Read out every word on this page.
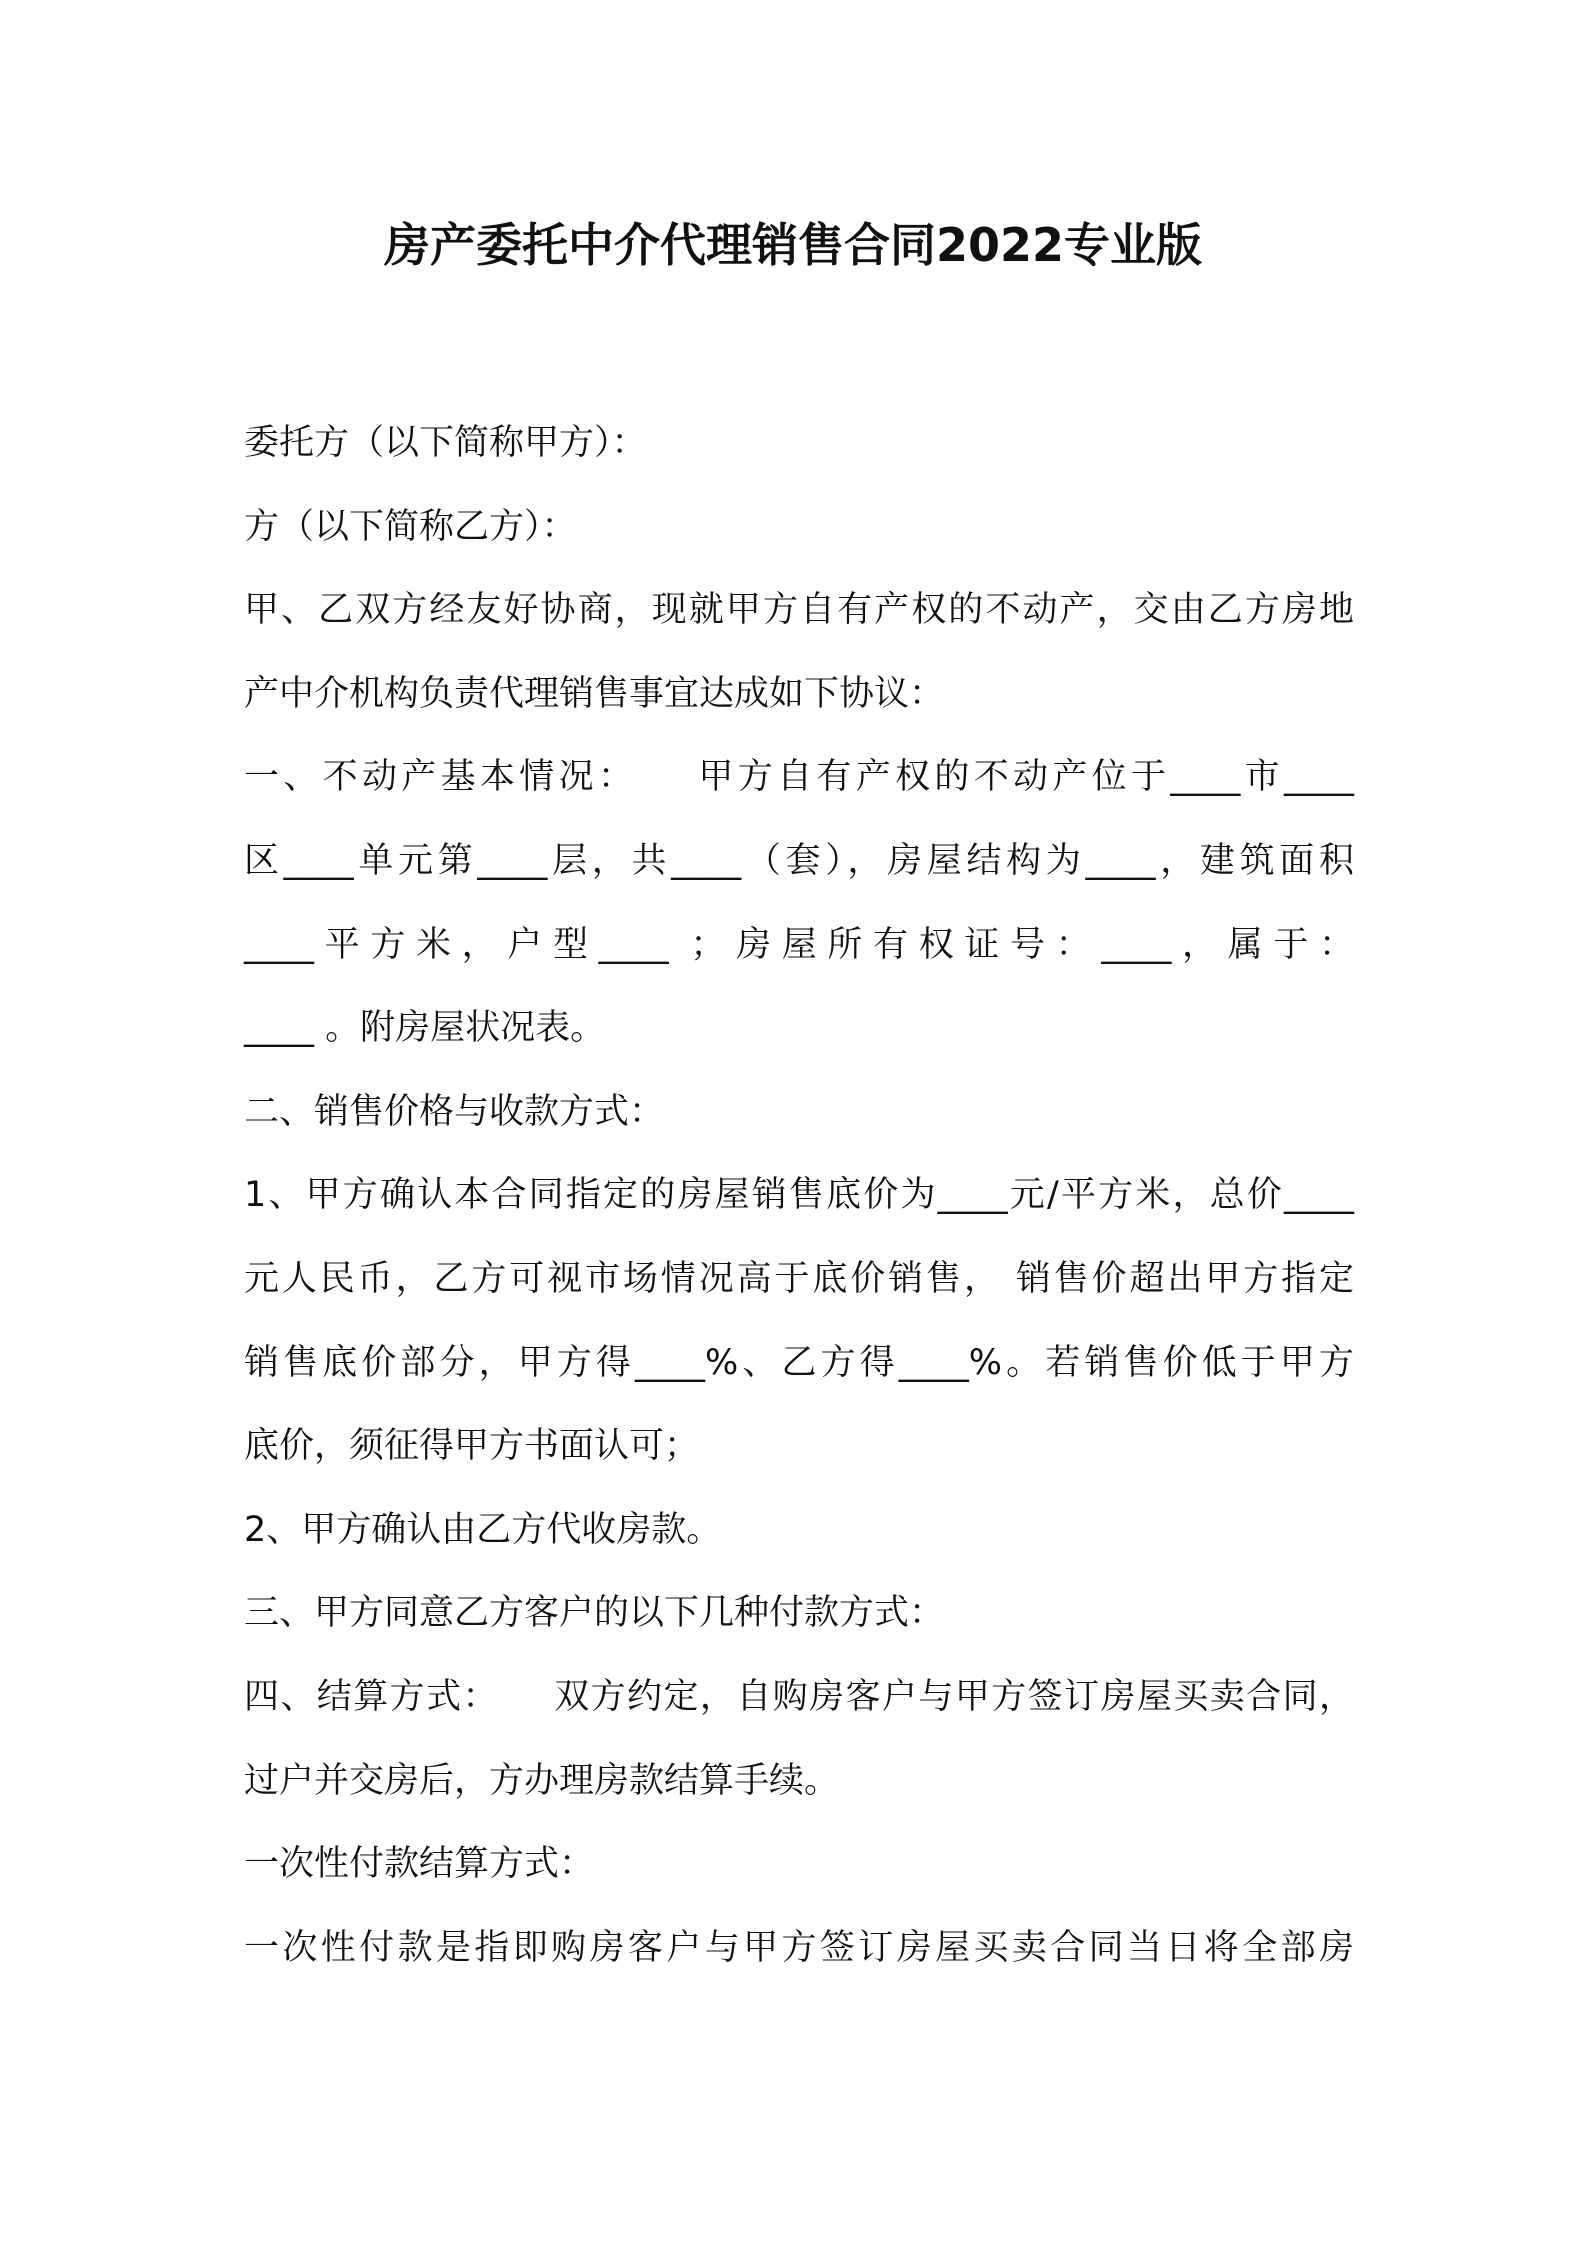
房产委托中介代理销售合同2022专业版
委托方（以下简称甲方）：
方（以下简称乙方）：
甲、乙双方经友好协商，现就甲方自有产权的不动产，交由乙方房地
产中介机构负责代理销售事宜达成如下协议：
一、不动产基本情况：　　甲方自有产权的不动产位于____市____
区____单元第____层，共____（套），房屋结构为____，建筑面积
____平方米，户型____ ；房屋所有权证号：____，属于：
____ 。附房屋状况表。
二、销售价格与收款方式：
1、甲方确认本合同指定的房屋销售底价为____元/平方米，总价____
元人民币，乙方可视市场情况高于底价销售， 销售价超出甲方指定
销售底价部分，甲方得____%、乙方得____%。若销售价低于甲方
底价，须征得甲方书面认可；
2、甲方确认由乙方代收房款。
三、甲方同意乙方客户的以下几种付款方式：
四、结算方式：　　双方约定，自购房客户与甲方签订房屋买卖合同，
过户并交房后，方办理房款结算手续。
一次性付款结算方式：
一次性付款是指即购房客户与甲方签订房屋买卖合同当日将全部房
